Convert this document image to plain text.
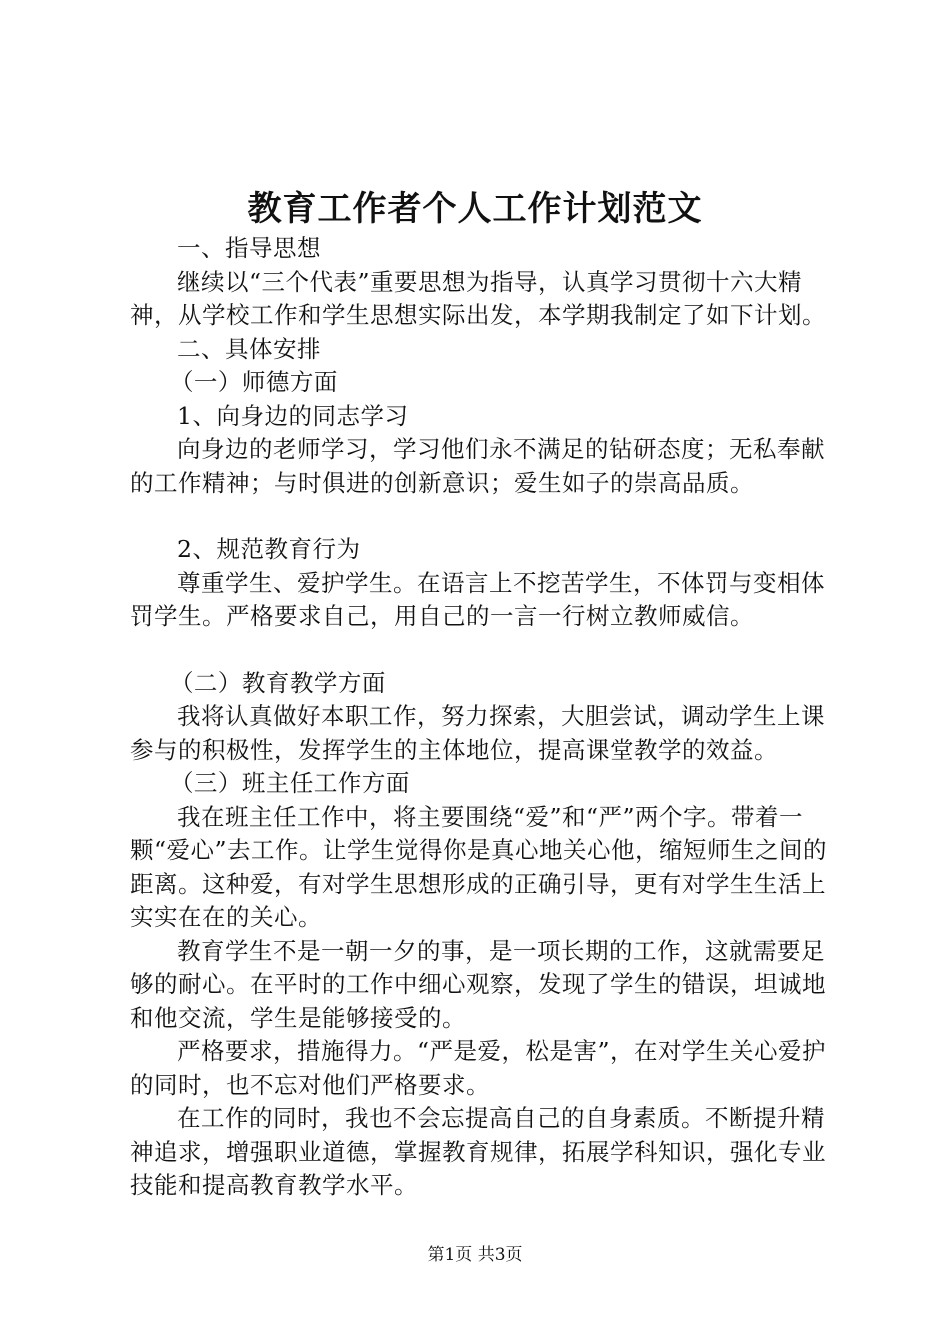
教育工作者个人工作计划范文

一、指导思想

继续以“三个代表”重要思想为指导，认真学习贯彻十六大精神，从学校工作和学生思想实际出发，本学期我制定了如下计划。

二、具体安排

（一）师德方面

1、向身边的同志学习

向身边的老师学习，学习他们永不满足的钻研态度；无私奉献的工作精神；与时俱进的创新意识；爱生如子的崇高品质。

2、规范教育行为

尊重学生、爱护学生。在语言上不挖苦学生，不体罚与变相体罚学生。严格要求自己，用自己的一言一行树立教师威信。

（二）教育教学方面

我将认真做好本职工作，努力探索，大胆尝试，调动学生上课参与的积极性，发挥学生的主体地位，提高课堂教学的效益。

（三）班主任工作方面

我在班主任工作中，将主要围绕“爱”和“严”两个字。带着一颗“爱心”去工作。让学生觉得你是真心地关心他，缩短师生之间的距离。这种爱，有对学生思想形成的正确引导，更有对学生生活上实实在在的关心。

教育学生不是一朝一夕的事，是一项长期的工作，这就需要足够的耐心。在平时的工作中细心观察，发现了学生的错误，坦诚地和他交流，学生是能够接受的。

严格要求，措施得力。“严是爱，松是害”，在对学生关心爱护的同时，也不忘对他们严格要求。

在工作的同时，我也不会忘提高自己的自身素质。不断提升精神追求，增强职业道德，掌握教育规律，拓展学科知识，强化专业技能和提高教育教学水平。

第1页 共3页
